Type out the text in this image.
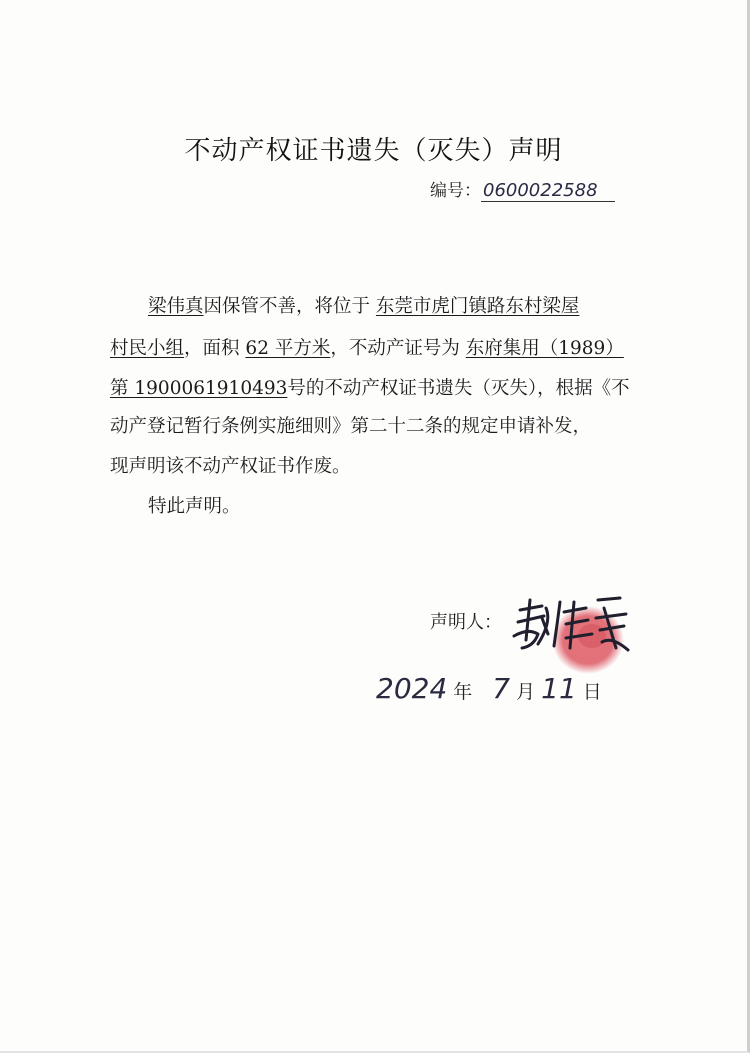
不动产权证书遗失（灭失）声明
编号： 0600022588
梁伟真因保管不善，将位于 东莞市虎门镇路东村梁屋
村民小组，面积 62 平方米，不动产证号为 东府集用（1989）
第 1900061910493号的不动产权证书遗失（灭失），根据《不
动产登记暂行条例实施细则》第二十二条的规定申请补发，
现声明该不动产权证书作废。
特此声明。
声明人：
2024 年 7 月 11 日
